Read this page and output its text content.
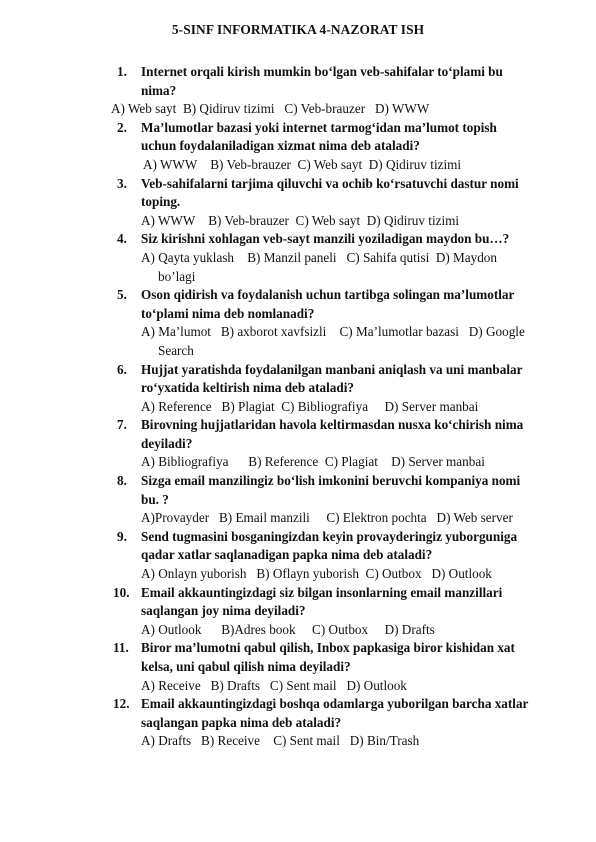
5-SINF INFORMATIKA 4-NAZORAT ISH
1. Internet orqali kirish mumkin boʻlgan veb-sahifalar toʻplami bu
nima?
A) Web sayt  B) Qidiruv tizimi   C) Veb-brauzer   D) WWW
2. Ma’lumotlar bazasi yoki internet tarmogʻidan ma’lumot topish
uchun foydalaniladigan xizmat nima deb ataladi?
A) WWW    B) Veb-brauzer  C) Web sayt  D) Qidiruv tizimi
3. Veb-sahifalarni tarjima qiluvchi va ochib koʻrsatuvchi dastur nomi
toping.
A) WWW    B) Veb-brauzer  C) Web sayt  D) Qidiruv tizimi
4. Siz kirishni xohlagan veb-sayt manzili yoziladigan maydon bu…?
A) Qayta yuklash    B) Manzil paneli   C) Sahifa qutisi  D) Maydon
bo’lagi
5. Oson qidirish va foydalanish uchun tartibga solingan ma’lumotlar
toʻplami nima deb nomlanadi?
A) Ma’lumot   B) axborot xavfsizli    C) Ma’lumotlar bazasi   D) Google
Search
6. Hujjat yaratishda foydalanilgan manbani aniqlash va uni manbalar
roʻyxatida keltirish nima deb ataladi?
A) Reference   B) Plagiat  C) Bibliografiya     D) Server manbai
7. Birovning hujjatlaridan havola keltirmasdan nusxa koʻchirish nima
deyiladi?
A) Bibliografiya      B) Reference  C) Plagiat    D) Server manbai
8. Sizga email manzilingiz boʻlish imkonini beruvchi kompaniya nomi
bu. ?
A)Provayder   B) Email manzili     C) Elektron pochta   D) Web server
9. Send tugmasini bosganingizdan keyin provayderingiz yuborguniga
qadar xatlar saqlanadigan papka nima deb ataladi?
A) Onlayn yuborish   B) Oflayn yuborish  C) Outbox   D) Outlook
10. Email akkauntingizdagi siz bilgan insonlarning email manzillari
saqlangan joy nima deyiladi?
A) Outlook      B)Adres book     C) Outbox     D) Drafts
11. Biror ma’lumotni qabul qilish, Inbox papkasiga biror kishidan xat
kelsa, uni qabul qilish nima deyiladi?
A) Receive   B) Drafts   C) Sent mail   D) Outlook
12. Email akkauntingizdagi boshqa odamlarga yuborilgan barcha xatlar
saqlangan papka nima deb ataladi?
A) Drafts   B) Receive    C) Sent mail   D) Bin/Trash
